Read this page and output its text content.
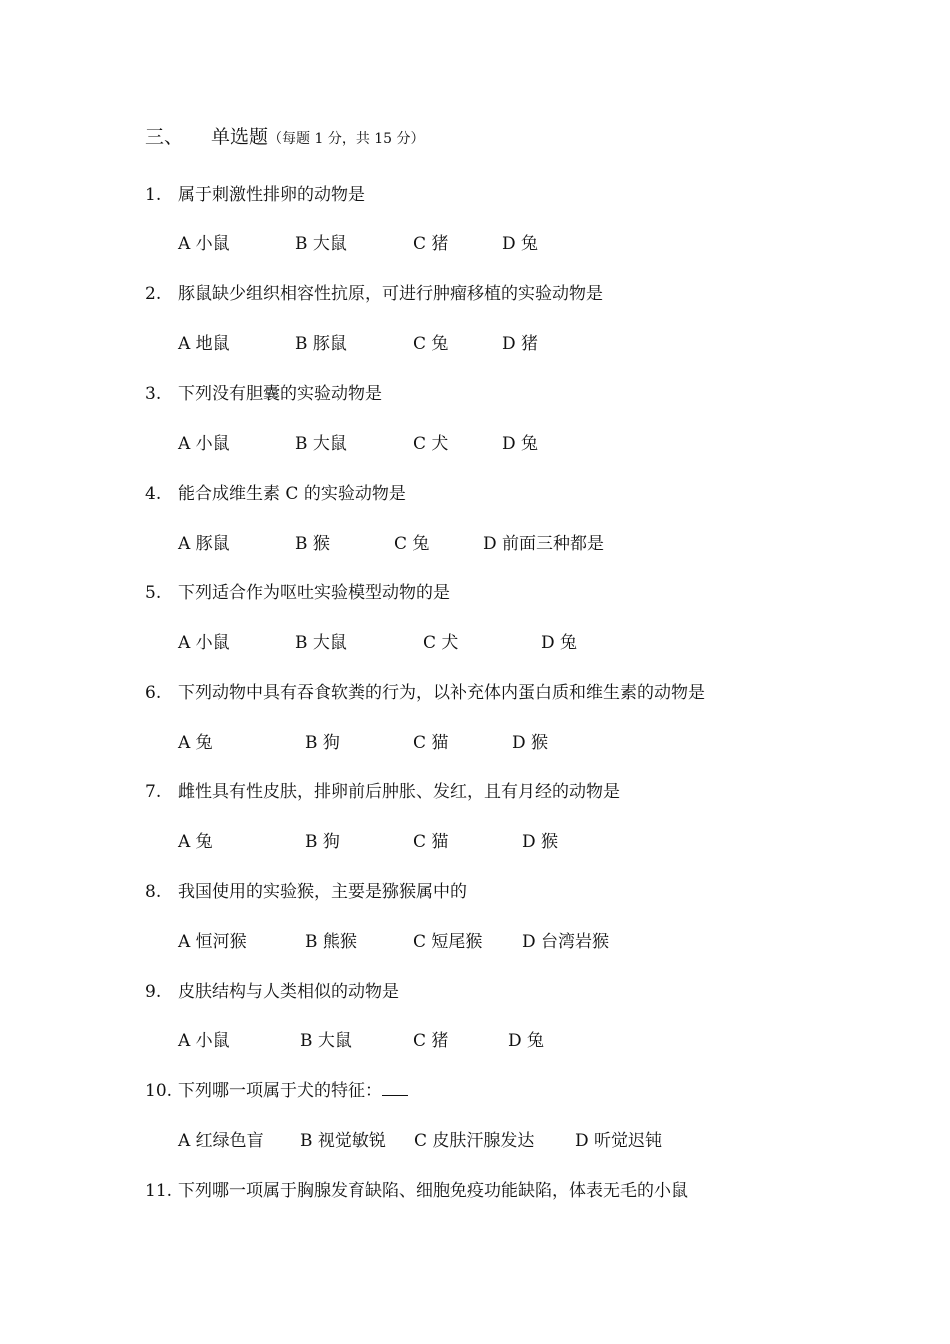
三、 单选题（每题 1 分，共 15 分）
1. 属于刺激性排卵的动物是
A 小鼠	B 大鼠	C 猪	D 兔
2. 豚鼠缺少组织相容性抗原，可进行肿瘤移植的实验动物是
A 地鼠	B 豚鼠	C 兔	D 猪
3. 下列没有胆囊的实验动物是
A 小鼠	B 大鼠	C 犬	D 兔
4. 能合成维生素 C 的实验动物是
A 豚鼠	B 猴	C 兔	D 前面三种都是
5. 下列适合作为呕吐实验模型动物的是
A 小鼠	B 大鼠	C 犬	D 兔
6. 下列动物中具有吞食软粪的行为，以补充体内蛋白质和维生素的动物是
A 兔	B 狗	C 猫	D 猴
7. 雌性具有性皮肤，排卵前后肿胀、发红，且有月经的动物是
A 兔	B 狗	C 猫	D 猴
8. 我国使用的实验猴，主要是猕猴属中的
A 恒河猴	B 熊猴	C 短尾猴 D 台湾岩猴
9. 皮肤结构与人类相似的动物是
A 小鼠	B 大鼠	C 猪	D 兔
10. 下列哪一项属于犬的特征：
A 红绿色盲 B 视觉敏锐 C 皮肤汗腺发达 D 听觉迟钝
11. 下列哪一项属于胸腺发育缺陷、细胞免疫功能缺陷，体表无毛的小鼠
